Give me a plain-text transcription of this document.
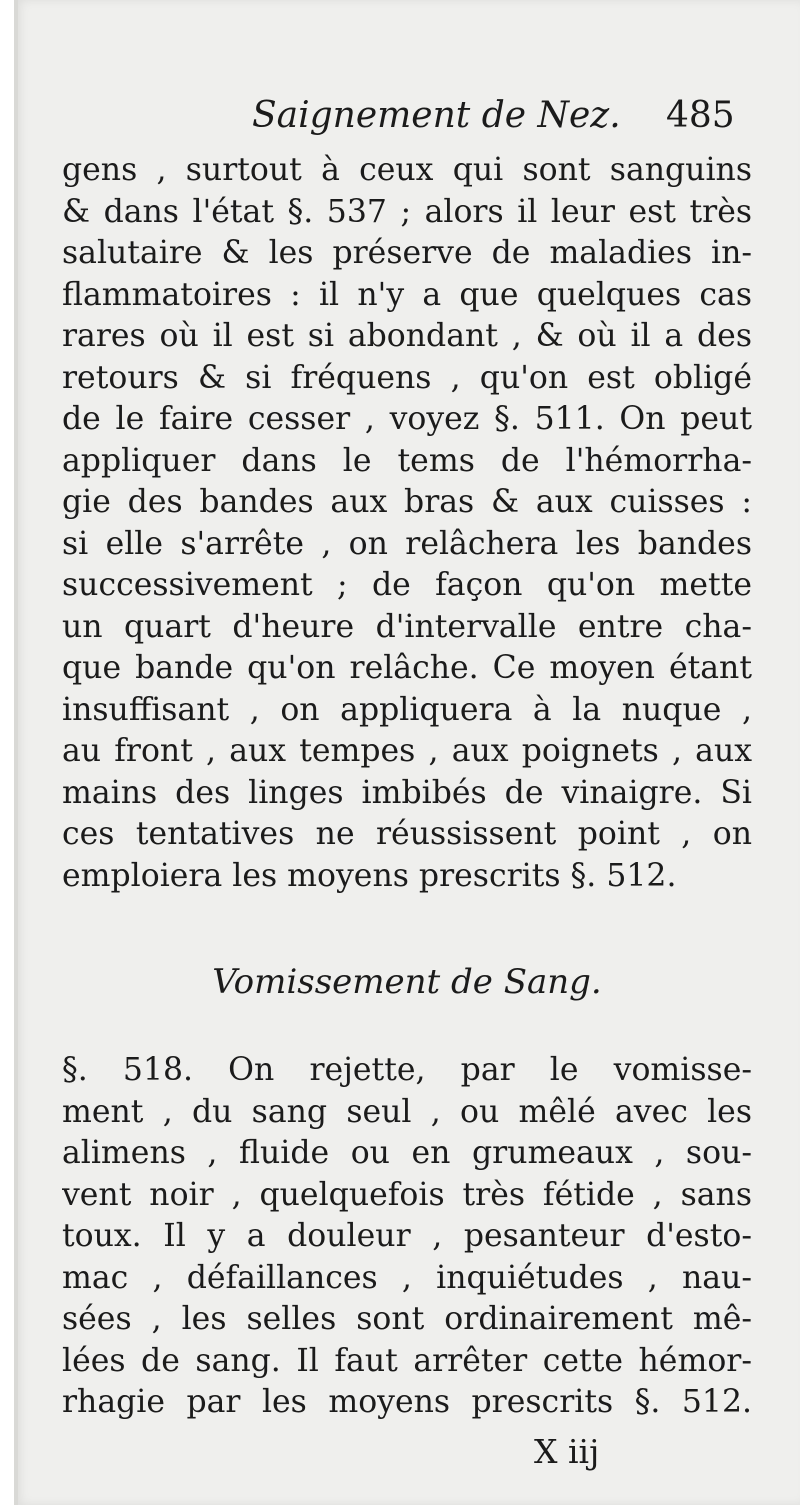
Saignement de Nez. 485
gens , surtout à ceux qui sont sanguins
& dans l'état §. 537 ; alors il leur est très
salutaire & les préserve de maladies in-
flammatoires : il n'y a que quelques cas
rares où il est si abondant , & où il a des
retours & si fréquens , qu'on est obligé
de le faire cesser , voyez §. 511. On peut
appliquer dans le tems de l'hémorrha-
gie des bandes aux bras & aux cuisses :
si elle s'arrête , on relâchera les bandes
successivement ; de façon qu'on mette
un quart d'heure d'intervalle entre cha-
que bande qu'on relâche. Ce moyen étant
insuffisant , on appliquera à la nuque ,
au front , aux tempes , aux poignets , aux
mains des linges imbibés de vinaigre. Si
ces tentatives ne réussissent point , on
emploiera les moyens prescrits §. 512.
Vomissement de Sang.
§. 518. On rejette, par le vomisse-
ment , du sang seul , ou mêlé avec les
alimens , fluide ou en grumeaux , sou-
vent noir , quelquefois très fétide , sans
toux. Il y a douleur , pesanteur d'esto-
mac , défaillances , inquiétudes , nau-
sées , les selles sont ordinairement mê-
lées de sang. Il faut arrêter cette hémor-
rhagie par les moyens prescrits §. 512.
X iij
